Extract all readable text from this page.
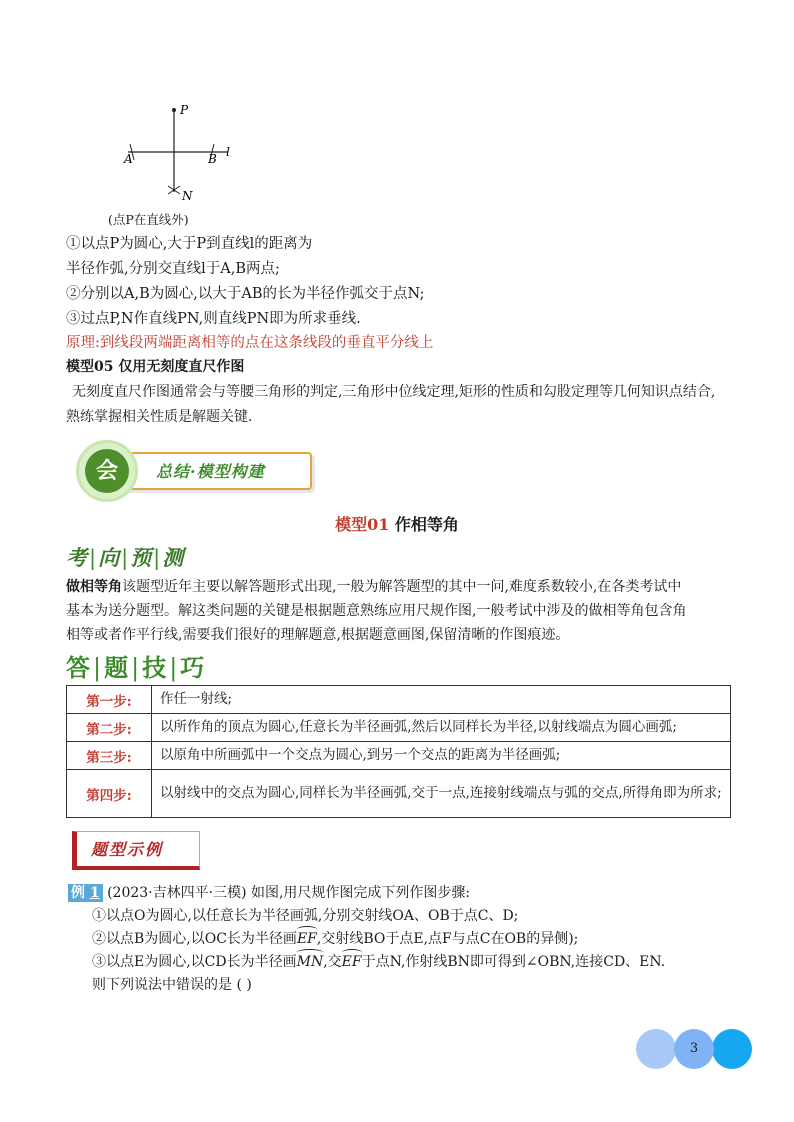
P
l
A	B
N
(点P在直线外)
①以点P为圆心,大于P到直线l的距离为
半径作弧,分别交直线l于A,B两点;
②分别以A,B为圆心,以大于AB的长为半径作弧交于点N;
③过点P,N作直线PN,则直线PN即为所求垂线.
原理:到线段两端距离相等的点在这条线段的垂直平分线上
模型05 仅用无刻度直尺作图
无刻度直尺作图通常会与等腰三角形的判定,三角形中位线定理,矩形的性质和勾股定理等几何知识点结合,
熟练掌握相关性质是解题关键.
总结·模型构建
会
模型01 作相等角
考|向|预|测
做相等角该题型近年主要以解答题形式出现,一般为解答题型的其中一问,难度系数较小,在各类考试中
基本为送分题型。解这类问题的关键是根据题意熟练应用尺规作图,一般考试中涉及的做相等角包含角
相等或者作平行线,需要我们很好的理解题意,根据题意画图,保留清晰的作图痕迹。
答|题|技|巧
第一步:	作任一射线;
第二步:	以所作角的顶点为圆心,任意长为半径画弧,然后以同样长为半径,以射线端点为圆心画弧;
第三步:	以原角中所画弧中一个交点为圆心,到另一个交点的距离为半径画弧;
第四步:	以射线中的交点为圆心,同样长为半径画弧,交于一点,连接射线端点与弧的交点,所得角即为所求;
题型示例
例 1 (2023·吉林四平·三模) 如图,用尺规作图完成下列作图步骤:
①以点O为圆心,以任意长为半径画弧,分别交射线OA、OB于点C、D;
②以点B为圆心,以OC长为半径画EF,交射线BO于点E,点F与点C在OB的异侧);
③以点E为圆心,以CD长为半径画MN,交EF于点N,作射线BN即可得到∠OBN,连接CD、EN.
则下列说法中错误的是 ( )
3
